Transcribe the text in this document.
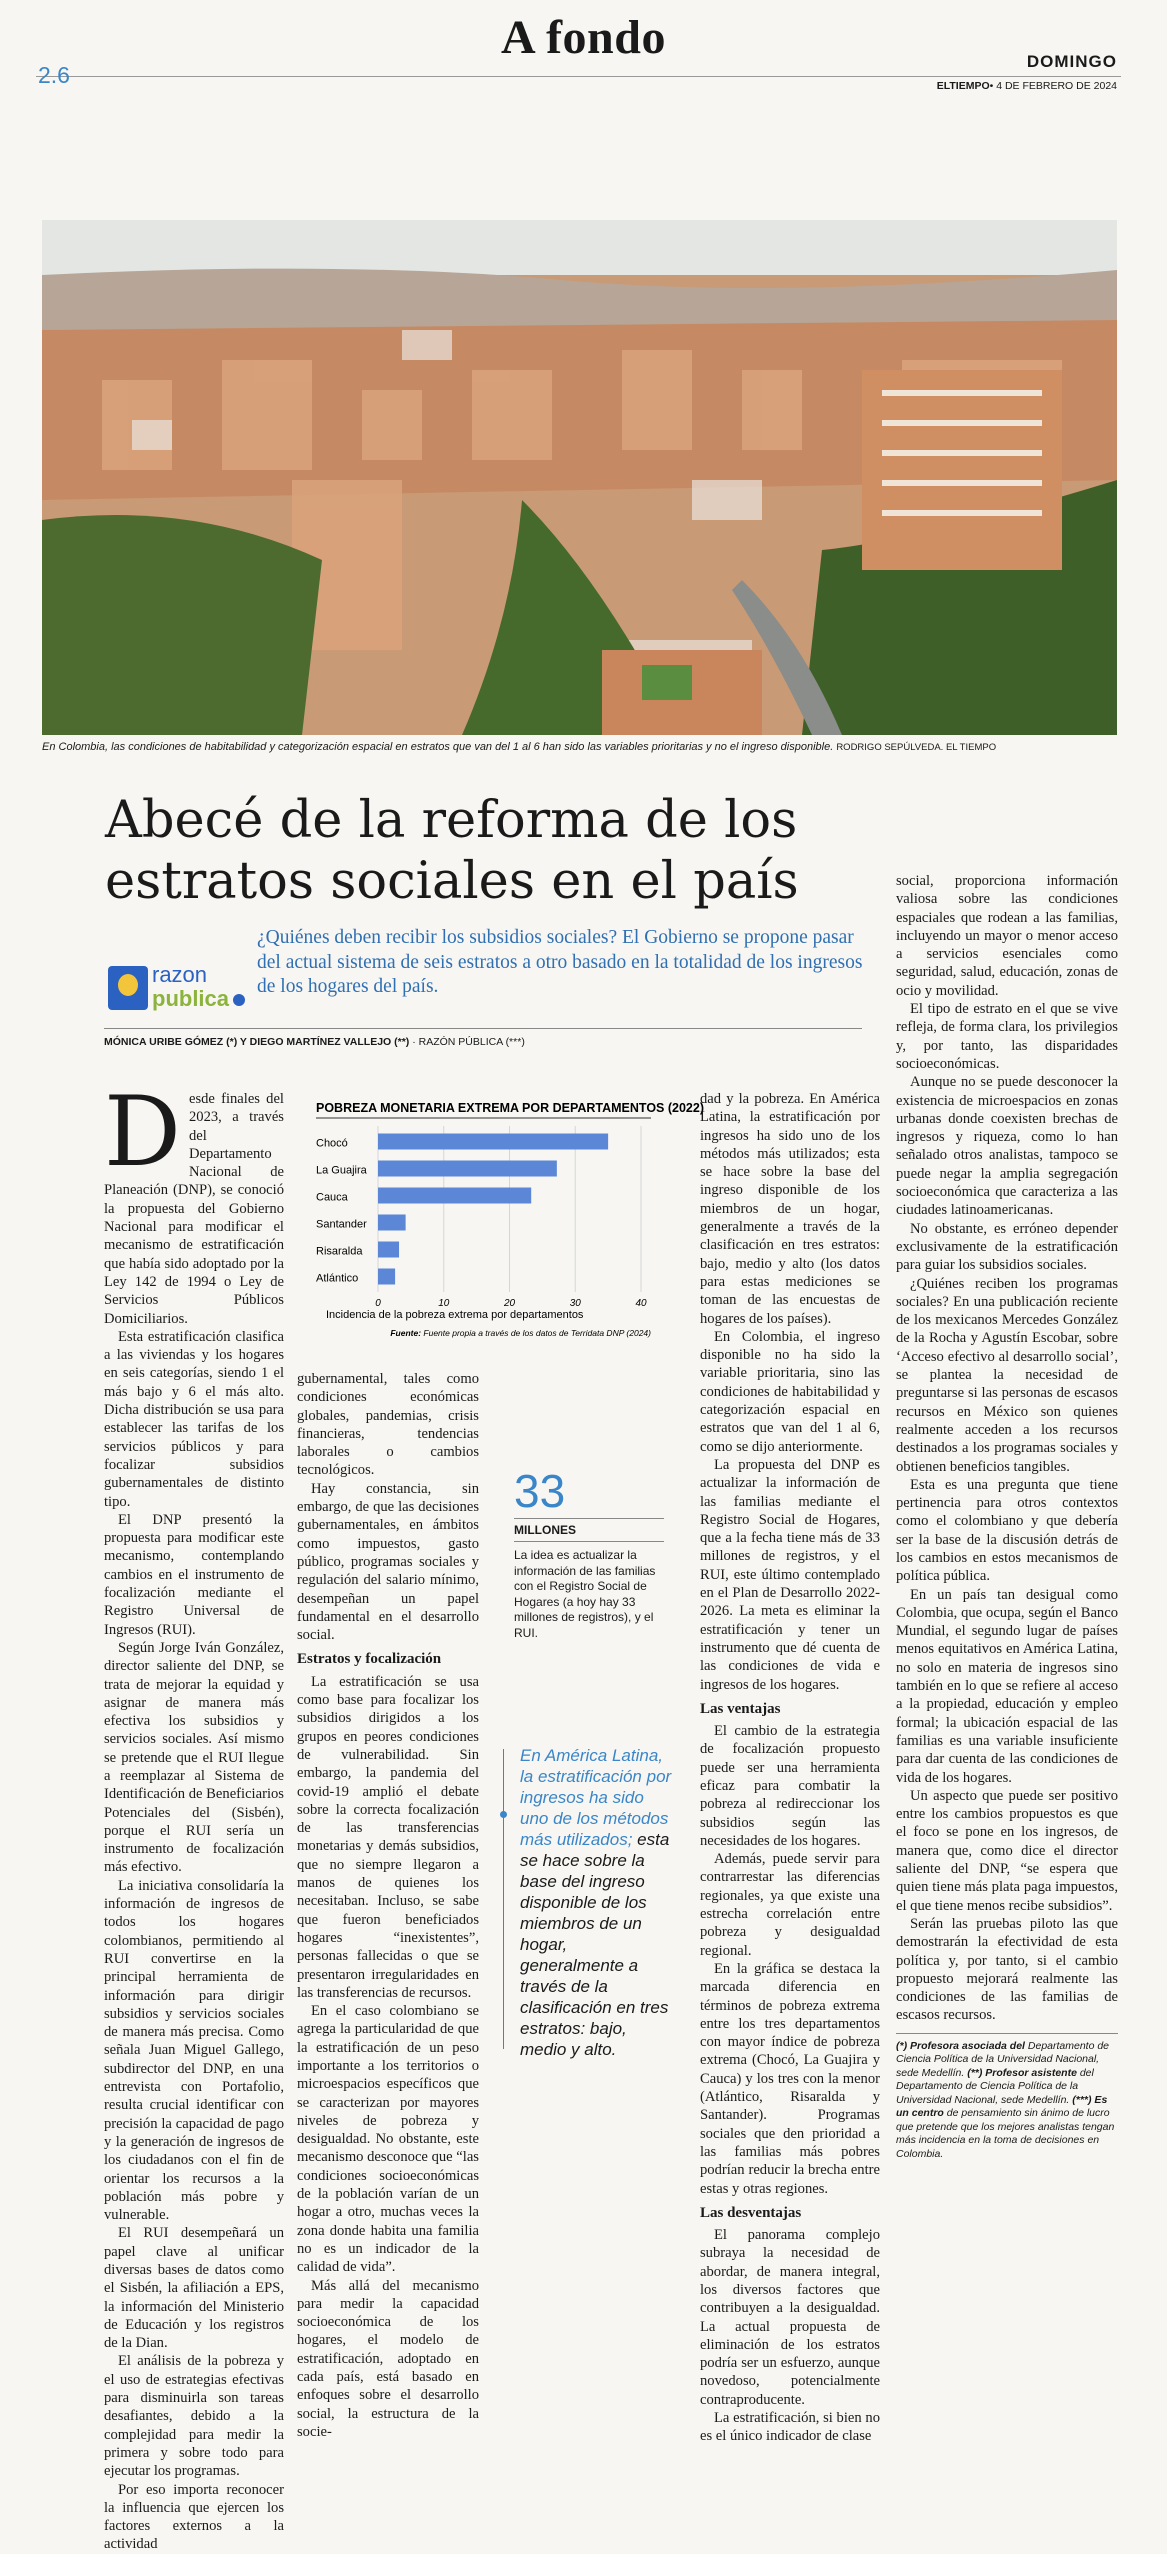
A fondo
2.6
DOMINGO
ELTIEMPO• 4 DE FEBRERO DE 2024
En Colombia, las condiciones de habitabilidad y categorización espacial en estratos que van del 1 al 6 han sido las variables prioritarias y no el ingreso disponible. RODRIGO SEPÚLVEDA. EL TIEMPO
Abecé de la reforma de los
estratos sociales en el país
razon
publica
¿Quiénes deben recibir los subsidios sociales? El Gobierno se propone pasar del actual sistema de seis estratos a otro basado en la totalidad de los ingresos de los hogares del país.
MÓNICA URIBE GÓMEZ (*) Y DIEGO MARTÍNEZ VALLEJO (**) · RAZÓN PÚBLICA (***)

Desde finales del 2023, a través del Departamento Nacional de Planeación (DNP), se conoció la propuesta del Gobierno Nacional para modificar el mecanismo de estratificación que había sido adoptado por la Ley 142 de 1994 o Ley de Servicios Públicos Domiciliarios.

Esta estratificación clasifica a las viviendas y los hogares en seis categorías, siendo 1 el más bajo y 6 el más alto. Dicha distribución se usa para establecer las tarifas de los servicios públicos y para focalizar subsidios gubernamentales de distinto tipo.

El DNP presentó la propuesta para modificar este mecanismo, contemplando cambios en el instrumento de focalización mediante el Registro Universal de Ingresos (RUI).

Según Jorge Iván González, director saliente del DNP, se trata de mejorar la equidad y asignar de manera más efectiva los subsidios y servicios sociales. Así mismo se pretende que el RUI llegue a reemplazar al Sistema de Identificación de Beneficiarios Potenciales del (Sisbén), porque el RUI sería un instrumento de focalización más efectivo.

La iniciativa consolidaría la información de ingresos de todos los hogares colombianos, permitiendo al RUI convertirse en la principal herramienta de información para dirigir subsidios y servicios sociales de manera más precisa. Como señala Juan Miguel Gallego, subdirector del DNP, en una entrevista con Portafolio, resulta crucial identificar con precisión la capacidad de pago y la generación de ingresos de los ciudadanos con el fin de orientar los recursos a la población más pobre y vulnerable.

El RUI desempeñará un papel clave al unificar diversas bases de datos como el Sisbén, la afiliación a EPS, la información del Ministerio de Educación y los registros de la Dian.

El análisis de la pobreza y el uso de estrategias efectivas para disminuirla son tareas desafiantes, debido a la complejidad para medir la primera y sobre todo para ejecutar los programas.

Por eso importa reconocer la influencia que ejercen los factores externos a la actividad

POBREZA MONETARIA EXTREMA POR DEPARTAMENTOS (2022)
Chocó
La Guajira
Cauca
Santander
Risaralda
Atlántico
0	10	20	30	40
Incidencia de la pobreza extrema por departamentos
Fuente: Fuente propia a través de los datos de Terridata DNP (2024)

gubernamental, tales como condiciones económicas globales, pandemias, crisis financieras, tendencias laborales o cambios tecnológicos.

Hay constancia, sin embargo, de que las decisiones gubernamentales, en ámbitos como impuestos, gasto público, programas sociales y regulación del salario mínimo, desempeñan un papel fundamental en el desarrollo social.

Estratos y focalización

La estratificación se usa como base para focalizar los subsidios dirigidos a los grupos en peores condiciones de vulnerabilidad. Sin embargo, la pandemia del covid-19 amplió el debate sobre la correcta focalización de las transferencias monetarias y demás subsidios, que no siempre llegaron a manos de quienes los necesitaban. Incluso, se sabe que fueron beneficiados hogares “inexistentes”, personas fallecidas o que se presentaron irregularidades en las transferencias de recursos.

En el caso colombiano se agrega la particularidad de que la estratificación de un peso importante a los territorios o microespacios específicos que se caracterizan por mayores niveles de pobreza y desigualdad. No obstante, este mecanismo desconoce que “las condiciones socioeconómicas de la población varían de un hogar a otro, muchas veces la zona donde habita una familia no es un indicador de la calidad de vida”.

Más allá del mecanismo para medir la capacidad socioeconómica de los hogares, el modelo de estratificación, adoptado en cada país, está basado en enfoques sobre el desarrollo social, la estructura de la socie-

33
MILLONES
La idea es actualizar la información de las familias con el Registro Social de Hogares (a hoy hay 33 millones de registros), y el RUI.
En América Latina, la estratificación por ingresos ha sido uno de los métodos más utilizados; esta se hace sobre la base del ingreso disponible de los miembros de un hogar, generalmente a través de la clasificación en tres estratos: bajo, medio y alto.

dad y la pobreza. En América Latina, la estratificación por ingresos ha sido uno de los métodos más utilizados; esta se hace sobre la base del ingreso disponible de los miembros de un hogar, generalmente a través de la clasificación en tres estratos: bajo, medio y alto (los datos para estas mediciones se toman de las encuestas de hogares de los países).

En Colombia, el ingreso disponible no ha sido la variable prioritaria, sino las condiciones de habitabilidad y categorización espacial en estratos que van del 1 al 6, como se dijo anteriormente.

La propuesta del DNP es actualizar la información de las familias mediante el Registro Social de Hogares, que a la fecha tiene más de 33 millones de registros, y el RUI, este último contemplado en el Plan de Desarrollo 2022-2026. La meta es eliminar la estratificación y tener un instrumento que dé cuenta de las condiciones de vida e ingresos de los hogares.

Las ventajas

El cambio de la estrategia de focalización propuesto puede ser una herramienta eficaz para combatir la pobreza al redireccionar los subsidios según las necesidades de los hogares.

Además, puede servir para contrarrestar las diferencias regionales, ya que existe una estrecha correlación entre pobreza y desigualdad regional.

En la gráfica se destaca la marcada diferencia en términos de pobreza extrema entre los tres departamentos con mayor índice de pobreza extrema (Chocó, La Guajira y Cauca) y los tres con la menor (Atlántico, Risaralda y Santander). Programas sociales que den prioridad a las familias más pobres podrían reducir la brecha entre estas y otras regiones.

Las desventajas

El panorama complejo subraya la necesidad de abordar, de manera integral, los diversos factores que contribuyen a la desigualdad. La actual propuesta de eliminación de los estratos podría ser un esfuerzo, aunque novedoso, potencialmente contraproducente.

La estratificación, si bien no es el único indicador de clase

social, proporciona información valiosa sobre las condiciones espaciales que rodean a las familias, incluyendo un mayor o menor acceso a servicios esenciales como seguridad, salud, educación, zonas de ocio y movilidad.

El tipo de estrato en el que se vive refleja, de forma clara, los privilegios y, por tanto, las disparidades socioeconómicas.

Aunque no se puede desconocer la existencia de microespacios en zonas urbanas donde coexisten brechas de ingresos y riqueza, como lo han señalado otros analistas, tampoco se puede negar la amplia segregación socioeconómica que caracteriza a las ciudades latinoamericanas.

No obstante, es erróneo depender exclusivamente de la estratificación para guiar los subsidios sociales.

¿Quiénes reciben los programas sociales? En una publicación reciente de los mexicanos Mercedes González de la Rocha y Agustín Escobar, sobre ‘Acceso efectivo al desarrollo social’, se plantea la necesidad de preguntarse si las personas de escasos recursos en México son quienes realmente acceden a los recursos destinados a los programas sociales y obtienen beneficios tangibles.

Esta es una pregunta que tiene pertinencia para otros contextos como el colombiano y que debería ser la base de la discusión detrás de los cambios en estos mecanismos de política pública.

En un país tan desigual como Colombia, que ocupa, según el Banco Mundial, el segundo lugar de países menos equitativos en América Latina, no solo en materia de ingresos sino también en lo que se refiere al acceso a la propiedad, educación y empleo formal; la ubicación espacial de las familias es una variable insuficiente para dar cuenta de las condiciones de vida de los hogares.

Un aspecto que puede ser positivo entre los cambios propuestos es que el foco se pone en los ingresos, de manera que, como dice el director saliente del DNP, “se espera que quien tiene más plata paga impuestos, el que tiene menos recibe subsidios”.

Serán las pruebas piloto las que demostrarán la efectividad de esta política y, por tanto, si el cambio propuesto mejorará realmente las condiciones de las familias de escasos recursos.

(*) Profesora asociada del Departamento de Ciencia Política de la Universidad Nacional, sede Medellín. (**) Profesor asistente del Departamento de Ciencia Política de la Universidad Nacional, sede Medellín. (***) Es un centro de pensamiento sin ánimo de lucro que pretende que los mejores analistas tengan más incidencia en la toma de decisiones en Colombia.
